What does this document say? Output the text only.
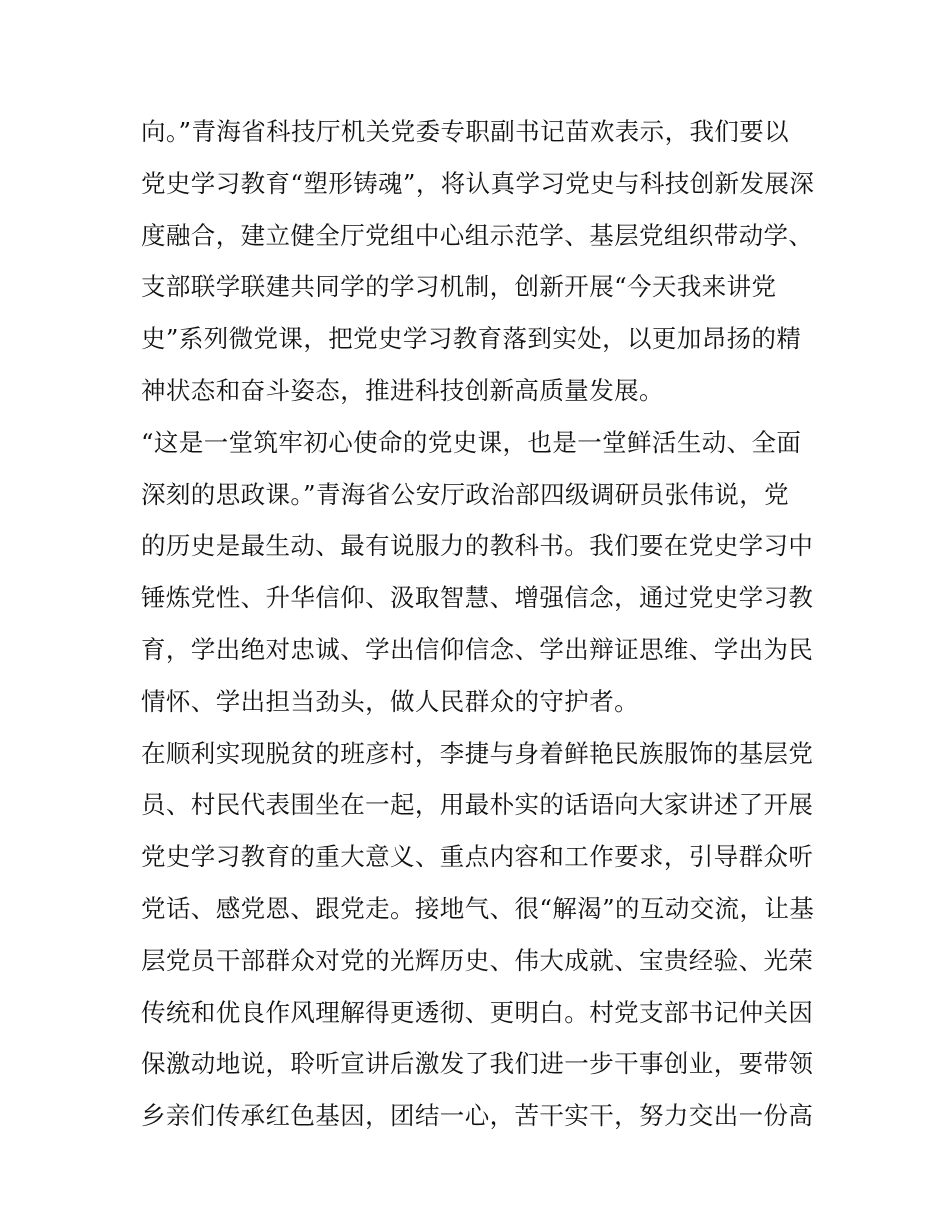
向。”青海省科技厅机关党委专职副书记苗欢表示，我们要以
党史学习教育“塑形铸魂”，将认真学习党史与科技创新发展深
度融合，建立健全厅党组中心组示范学、基层党组织带动学、
支部联学联建共同学的学习机制，创新开展“今天我来讲党
史”系列微党课，把党史学习教育落到实处，以更加昂扬的精
神状态和奋斗姿态，推进科技创新高质量发展。
“这是一堂筑牢初心使命的党史课，也是一堂鲜活生动、全面
深刻的思政课。”青海省公安厅政治部四级调研员张伟说，党
的历史是最生动、最有说服力的教科书。我们要在党史学习中
锤炼党性、升华信仰、汲取智慧、增强信念，通过党史学习教
育，学出绝对忠诚、学出信仰信念、学出辩证思维、学出为民
情怀、学出担当劲头，做人民群众的守护者。
在顺利实现脱贫的班彦村，李捷与身着鲜艳民族服饰的基层党
员、村民代表围坐在一起，用最朴实的话语向大家讲述了开展
党史学习教育的重大意义、重点内容和工作要求，引导群众听
党话、感党恩、跟党走。接地气、很“解渴”的互动交流，让基
层党员干部群众对党的光辉历史、伟大成就、宝贵经验、光荣
传统和优良作风理解得更透彻、更明白。村党支部书记仲关因
保激动地说，聆听宣讲后激发了我们进一步干事创业，要带领
乡亲们传承红色基因，团结一心，苦干实干，努力交出一份高
